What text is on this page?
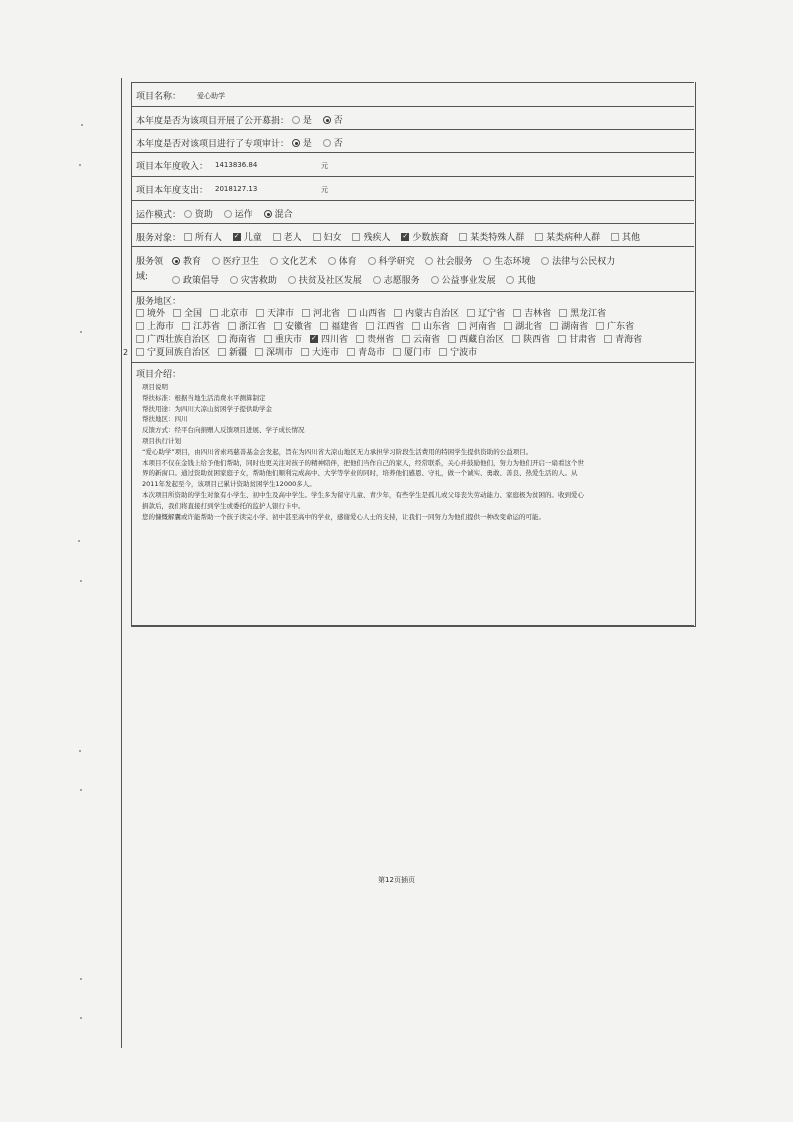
项目名称： 爱心助学
本年度是否为该项目开展了公开募捐： 是
否
本年度是否对该项目进行了专项审计： 是
否
项目本年度收入： 1413836.84	元
项目本年度支出： 2018127.13	元
运作模式： 资助
运作
混合
服务对象： 所有人
✓ 儿童
老人
妇女
残疾人
✓ 少数族裔
某类特殊人群
某类病种人群
其他
服务领
域:
教育
医疗卫生
文化艺术
体育
科学研究
社会服务
生态环境
法律与公民权力
政策倡导
灾害救助
扶贫及社区发展
志愿服务
公益事业发展
其他
服务地区：
境外 全国 北京市 天津市 河北省 山西省 内蒙古自治区 辽宁省 吉林省 黑龙江省
上海市 江苏省 浙江省 安徽省 福建省 江西省 山东省 河南省 湖北省 湖南省 广东省
广西壮族自治区 海南省 重庆市 ✓ 四川省 贵州省 云南省 西藏自治区 陕西省 甘肃省 青海省
宁夏回族自治区 新疆 深圳市 大连市 青岛市 厦门市 宁波市
2
项目介绍：
项目说明
帮扶标准：根据当地生活消费水平测算制定
帮扶用途：为四川大凉山贫困学子提供助学金
帮扶地区：四川
反馈方式：经平台向捐赠人反馈项目进展、学子成长情况
项目执行计划
“爱心助学”项目，由四川省索玛慈善基金会发起，旨在为四川省大凉山地区无力承担学习阶段生活费用的特困学生提供资助的公益项目。
本项目不仅在金钱上给予他们帮助，同时也更关注对孩子的精神陪伴，把他们当作自己的家人，经常联系，关心并鼓励他们，努力为他们开启一扇看这个世
界的新窗口。通过资助贫困家庭子女，帮助他们顺利完成高中、大学等学业的同时，培养他们感恩、守礼，做一个诚实、勇敢、善良、热爱生活的人。从
2011年发起至今，该项目已累计资助贫困学生12000多人。
本次项目所资助的学生对象有小学生、初中生及高中学生。学生多为留守儿童、青少年，有些学生是孤儿或父母丧失劳动能力、家庭极为贫困的。收到爱心
捐款后，我们将直接打到学生或委托的监护人银行卡中。
您的慷慨解囊或许能帮助一个孩子读完小学、初中甚至高中的学业，感谢爱心人士的支持，让我们一同努力为他们提供一种改变命运的可能。
第12页插页
